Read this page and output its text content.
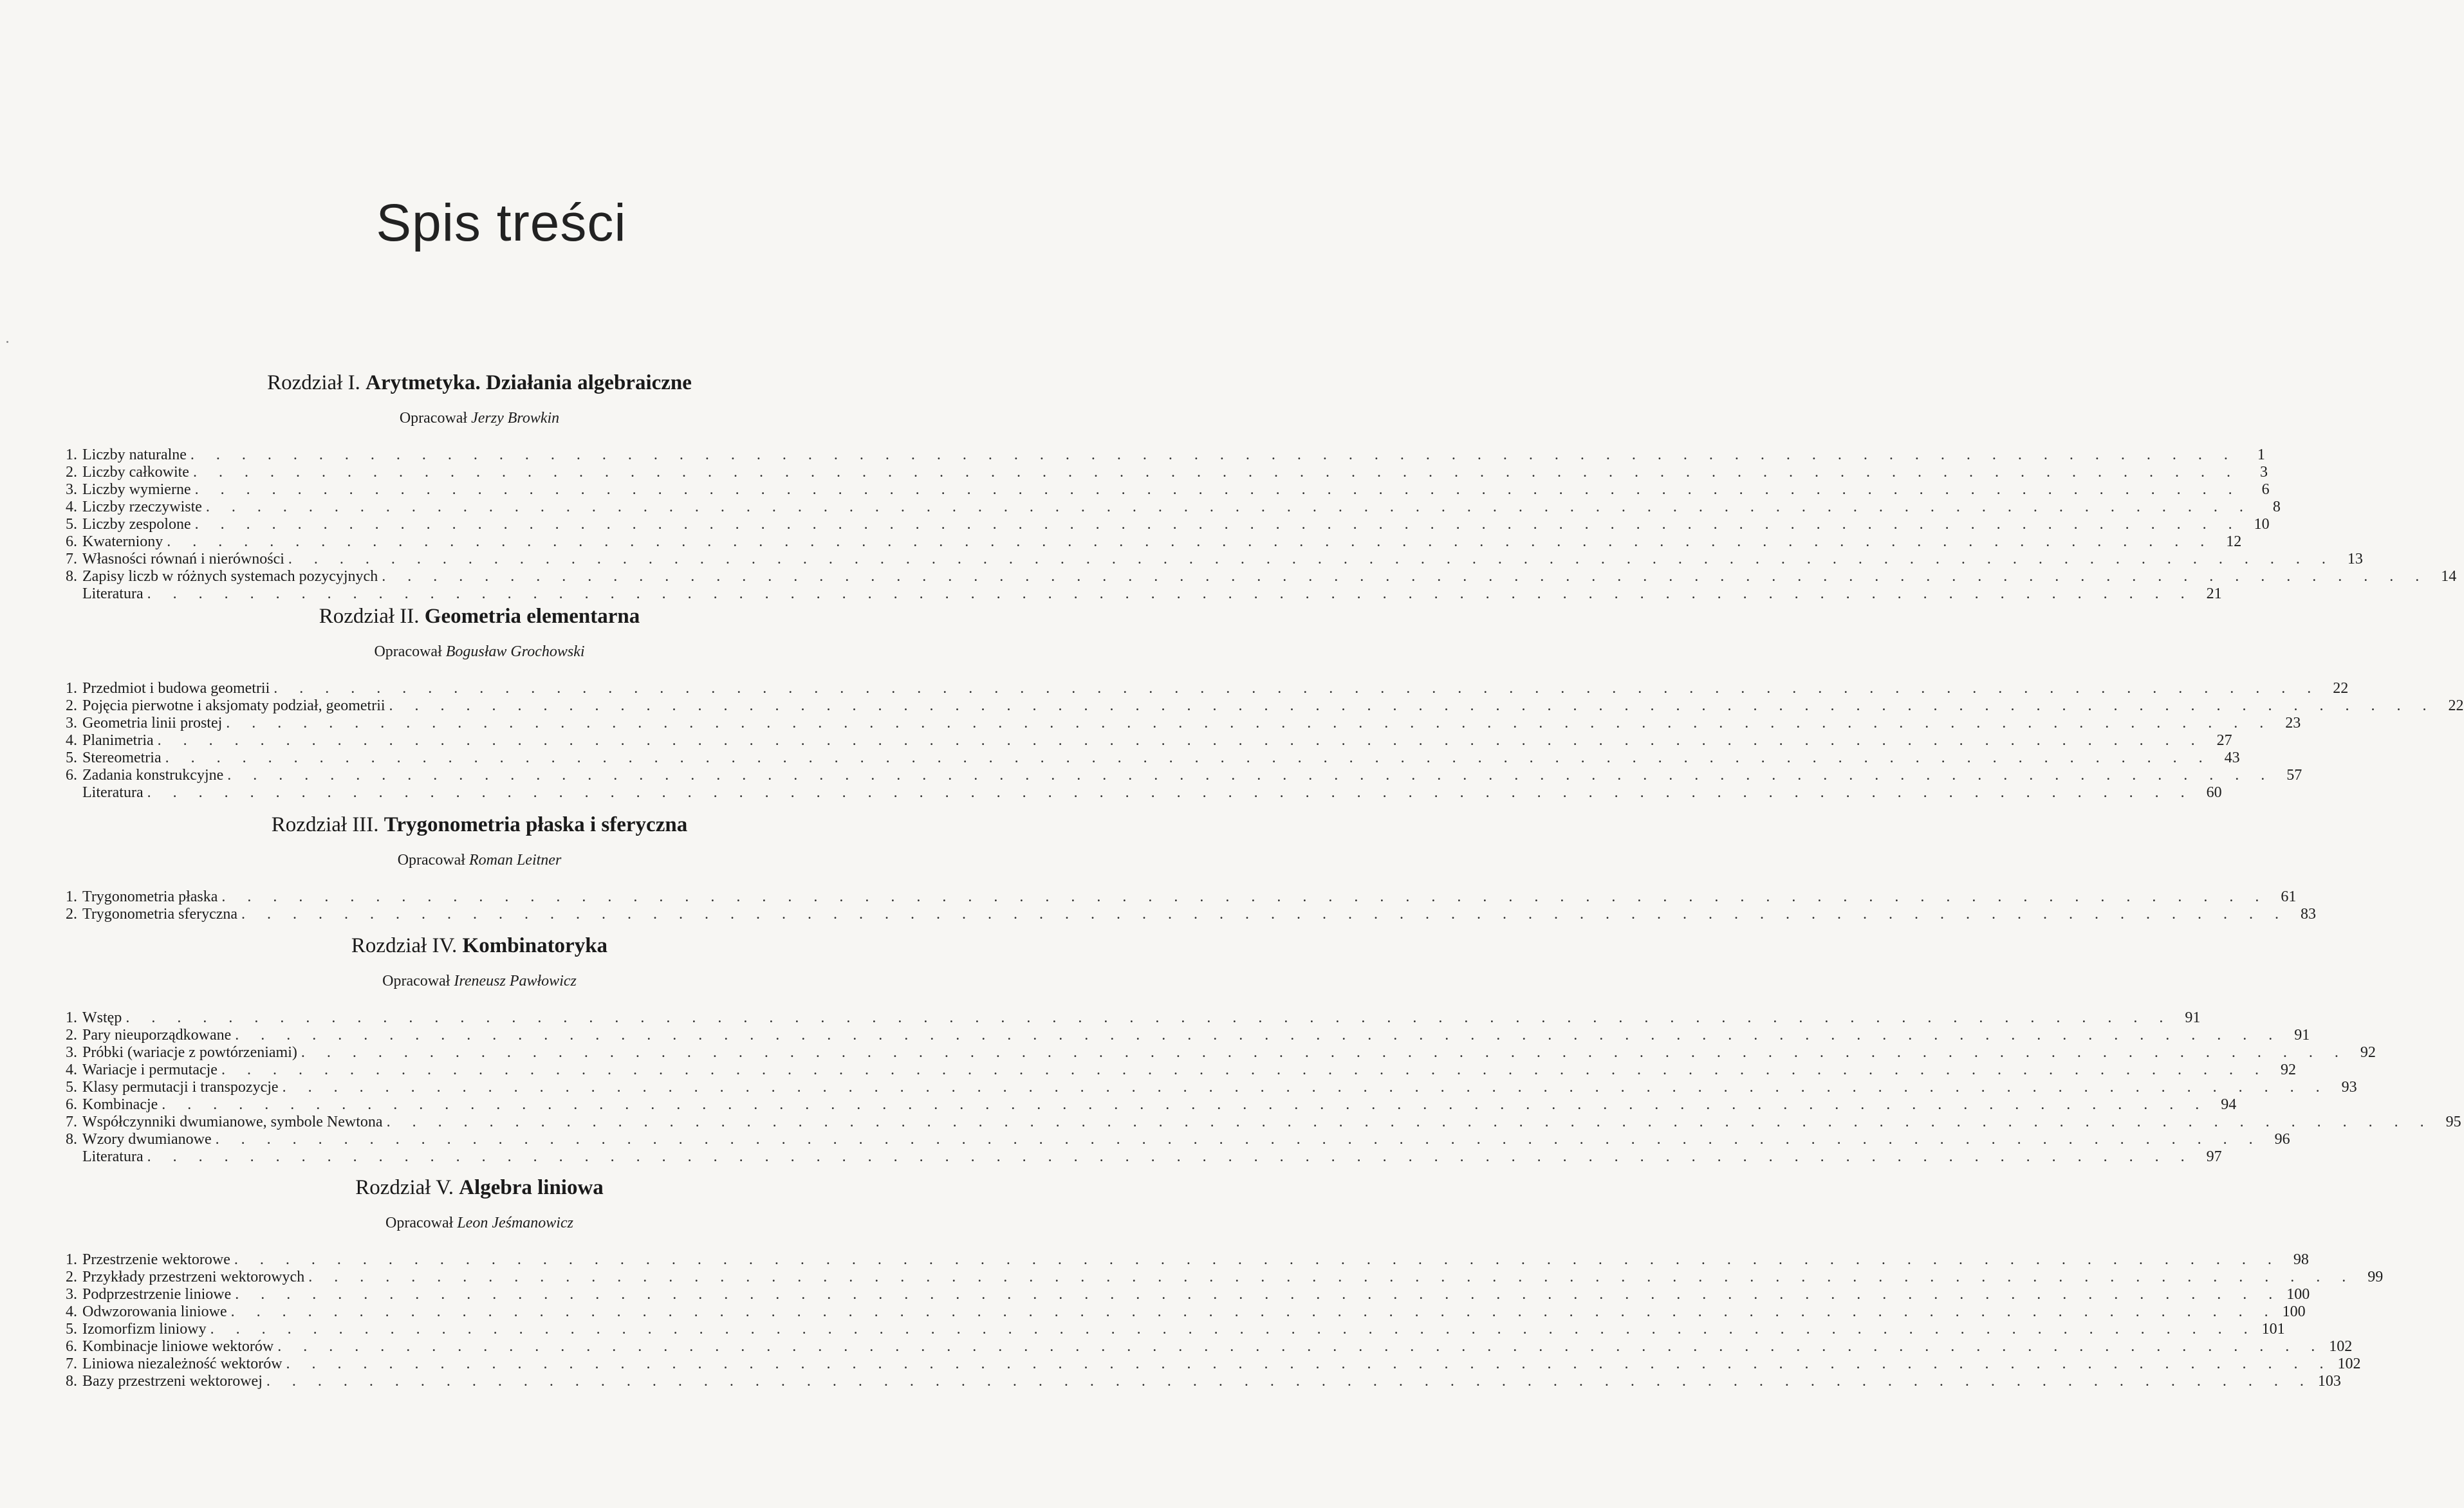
Spis treści
Rozdział I. Arytmetyka. Działania algebraiczne
Opracował Jerzy Browkin
1. Liczby naturalne . . . . . . . . . . . . . . . . . . . . . . . . . . . . . . . . . . . . . . . . . . . . . . . . . . . . . . . . . . . . . . . . . . . . . . . . . . . . . . . .	1
2. Liczby całkowite . . . . . . . . . . . . . . . . . . . . . . . . . . . . . . . . . . . . . . . . . . . . . . . . . . . . . . . . . . . . . . . . . . . . . . . . . . . . . . . .	3
3. Liczby wymierne . . . . . . . . . . . . . . . . . . . . . . . . . . . . . . . . . . . . . . . . . . . . . . . . . . . . . . . . . . . . . . . . . . . . . . . . . . . . . . . .	6
4. Liczby rzeczywiste . . . . . . . . . . . . . . . . . . . . . . . . . . . . . . . . . . . . . . . . . . . . . . . . . . . . . . . . . . . . . . . . . . . . . . . . . . . . . . . .	8
5. Liczby zespolone . . . . . . . . . . . . . . . . . . . . . . . . . . . . . . . . . . . . . . . . . . . . . . . . . . . . . . . . . . . . . . . . . . . . . . . . . . . . . . . . 10
6. Kwaterniony . . . . . . . . . . . . . . . . . . . . . . . . . . . . . . . . . . . . . . . . . . . . . . . . . . . . . . . . . . . . . . . . . . . . . . . . . . . . . . . . 12
7. Własności równań i nierówności . . . . . . . . . . . . . . . . . . . . . . . . . . . . . . . . . . . . . . . . . . . . . . . . . . . . . . . . . . . . . . . . . . . . . . . . . . . . . . . . 13
8. Zapisy liczb w różnych systemach pozycyjnych . . . . . . . . . . . . . . . . . . . . . . . . . . . . . . . . . . . . . . . . . . . . . . . . . . . . . . . . . . . . . . . . . . . . . . . . . . . . . . . . 14
Literatura . . . . . . . . . . . . . . . . . . . . . . . . . . . . . . . . . . . . . . . . . . . . . . . . . . . . . . . . . . . . . . . . . . . . . . . . . . . . . . . . 21
Rozdział II. Geometria elementarna
Opracował Bogusław Grochowski
1. Przedmiot i budowa geometrii . . . . . . . . . . . . . . . . . . . . . . . . . . . . . . . . . . . . . . . . . . . . . . . . . . . . . . . . . . . . . . . . . . . . . . . . . . . . . . . . 22
2. Pojęcia pierwotne i aksjomaty podział, geometrii . . . . . . . . . . . . . . . . . . . . . . . . . . . . . . . . . . . . . . . . . . . . . . . . . . . . . . . . . . . . . . . . . . . . . . . . . . . . . . . . 22
3. Geometria linii prostej . . . . . . . . . . . . . . . . . . . . . . . . . . . . . . . . . . . . . . . . . . . . . . . . . . . . . . . . . . . . . . . . . . . . . . . . . . . . . . . . 23
4. Planimetria . . . . . . . . . . . . . . . . . . . . . . . . . . . . . . . . . . . . . . . . . . . . . . . . . . . . . . . . . . . . . . . . . . . . . . . . . . . . . . . . 27
5. Stereometria . . . . . . . . . . . . . . . . . . . . . . . . . . . . . . . . . . . . . . . . . . . . . . . . . . . . . . . . . . . . . . . . . . . . . . . . . . . . . . . . 43
6. Zadania konstrukcyjne . . . . . . . . . . . . . . . . . . . . . . . . . . . . . . . . . . . . . . . . . . . . . . . . . . . . . . . . . . . . . . . . . . . . . . . . . . . . . . . . 57
Literatura . . . . . . . . . . . . . . . . . . . . . . . . . . . . . . . . . . . . . . . . . . . . . . . . . . . . . . . . . . . . . . . . . . . . . . . . . . . . . . . . 60
Rozdział III. Trygonometria płaska i sferyczna
Opracował Roman Leitner
1. Trygonometria płaska . . . . . . . . . . . . . . . . . . . . . . . . . . . . . . . . . . . . . . . . . . . . . . . . . . . . . . . . . . . . . . . . . . . . . . . . . . . . . . . . 61
2. Trygonometria sferyczna . . . . . . . . . . . . . . . . . . . . . . . . . . . . . . . . . . . . . . . . . . . . . . . . . . . . . . . . . . . . . . . . . . . . . . . . . . . . . . . . 83
Rozdział IV. Kombinatoryka
Opracował Ireneusz Pawłowicz
1. Wstęp . . . . . . . . . . . . . . . . . . . . . . . . . . . . . . . . . . . . . . . . . . . . . . . . . . . . . . . . . . . . . . . . . . . . . . . . . . . . . . . . 91
2. Pary nieuporządkowane . . . . . . . . . . . . . . . . . . . . . . . . . . . . . . . . . . . . . . . . . . . . . . . . . . . . . . . . . . . . . . . . . . . . . . . . . . . . . . . . 91
3. Próbki (wariacje z powtórzeniami) . . . . . . . . . . . . . . . . . . . . . . . . . . . . . . . . . . . . . . . . . . . . . . . . . . . . . . . . . . . . . . . . . . . . . . . . . . . . . . . . 92
4. Wariacje i permutacje . . . . . . . . . . . . . . . . . . . . . . . . . . . . . . . . . . . . . . . . . . . . . . . . . . . . . . . . . . . . . . . . . . . . . . . . . . . . . . . . 92
5. Klasy permutacji i transpozycje . . . . . . . . . . . . . . . . . . . . . . . . . . . . . . . . . . . . . . . . . . . . . . . . . . . . . . . . . . . . . . . . . . . . . . . . . . . . . . . . 93
6. Kombinacje . . . . . . . . . . . . . . . . . . . . . . . . . . . . . . . . . . . . . . . . . . . . . . . . . . . . . . . . . . . . . . . . . . . . . . . . . . . . . . . . 94
7. Współczynniki dwumianowe, symbole Newtona . . . . . . . . . . . . . . . . . . . . . . . . . . . . . . . . . . . . . . . . . . . . . . . . . . . . . . . . . . . . . . . . . . . . . . . . . . . . . . . . 95
8. Wzory dwumianowe . . . . . . . . . . . . . . . . . . . . . . . . . . . . . . . . . . . . . . . . . . . . . . . . . . . . . . . . . . . . . . . . . . . . . . . . . . . . . . . . 96
Literatura . . . . . . . . . . . . . . . . . . . . . . . . . . . . . . . . . . . . . . . . . . . . . . . . . . . . . . . . . . . . . . . . . . . . . . . . . . . . . . . . 97
Rozdział V. Algebra liniowa
Opracował Leon Jeśmanowicz
1. Przestrzenie wektorowe . . . . . . . . . . . . . . . . . . . . . . . . . . . . . . . . . . . . . . . . . . . . . . . . . . . . . . . . . . . . . . . . . . . . . . . . . . . . . . . . 98
2. Przykłady przestrzeni wektorowych . . . . . . . . . . . . . . . . . . . . . . . . . . . . . . . . . . . . . . . . . . . . . . . . . . . . . . . . . . . . . . . . . . . . . . . . . . . . . . . . 99
3. Podprzestrzenie liniowe . . . . . . . . . . . . . . . . . . . . . . . . . . . . . . . . . . . . . . . . . . . . . . . . . . . . . . . . . . . . . . . . . . . . . . . . . . . . . . . . 100
4. Odwzorowania liniowe . . . . . . . . . . . . . . . . . . . . . . . . . . . . . . . . . . . . . . . . . . . . . . . . . . . . . . . . . . . . . . . . . . . . . . . . . . . . . . . . 100
5. Izomorfizm liniowy . . . . . . . . . . . . . . . . . . . . . . . . . . . . . . . . . . . . . . . . . . . . . . . . . . . . . . . . . . . . . . . . . . . . . . . . . . . . . . . . 101
6. Kombinacje liniowe wektorów . . . . . . . . . . . . . . . . . . . . . . . . . . . . . . . . . . . . . . . . . . . . . . . . . . . . . . . . . . . . . . . . . . . . . . . . . . . . . . . . 102
7. Liniowa niezależność wektorów . . . . . . . . . . . . . . . . . . . . . . . . . . . . . . . . . . . . . . . . . . . . . . . . . . . . . . . . . . . . . . . . . . . . . . . . . . . . . . . . 102
8. Bazy przestrzeni wektorowej . . . . . . . . . . . . . . . . . . . . . . . . . . . . . . . . . . . . . . . . . . . . . . . . . . . . . . . . . . . . . . . . . . . . . . . . . . . . . . . . 103
